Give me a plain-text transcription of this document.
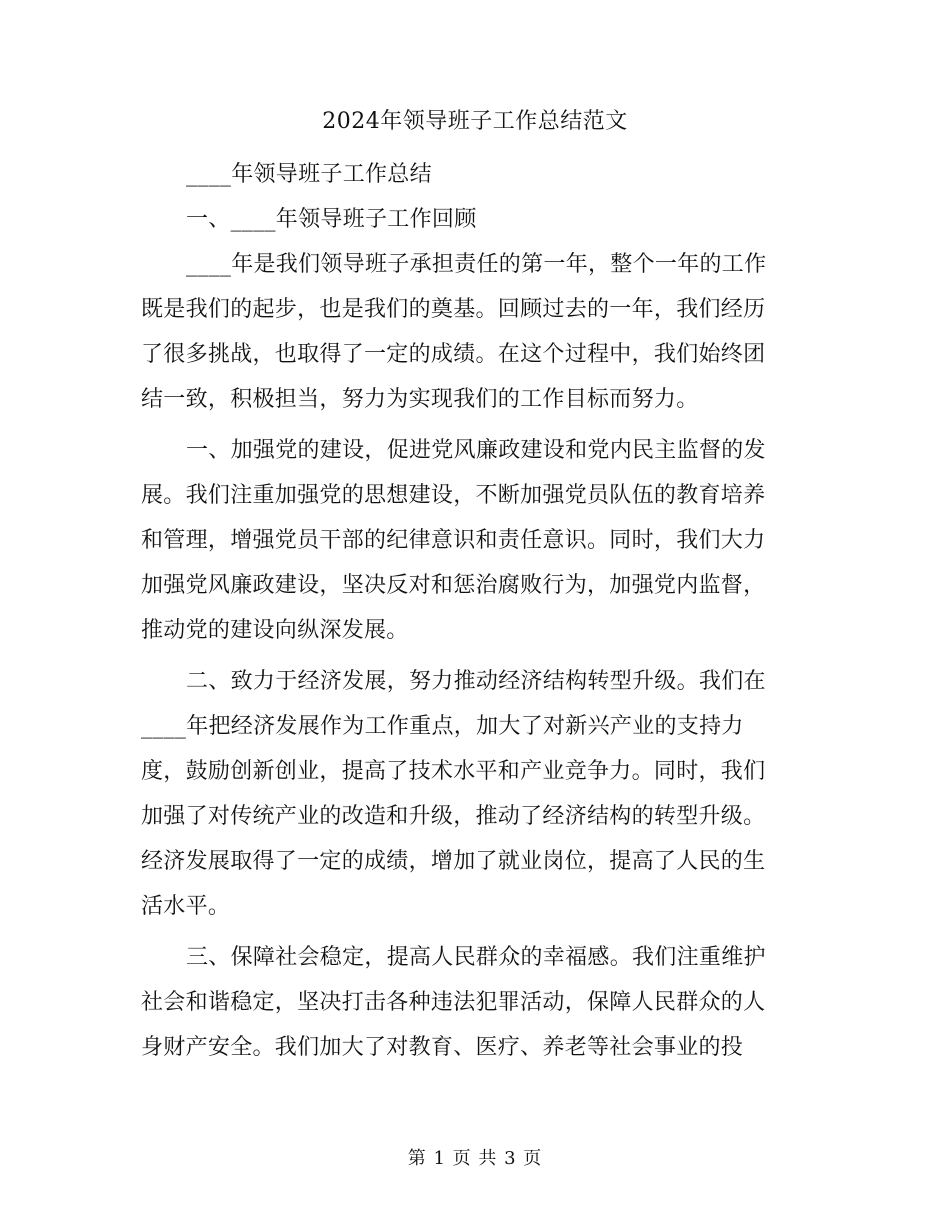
2024年领导班子工作总结范文
____年领导班子工作总结
一、____年领导班子工作回顾
____年是我们领导班子承担责任的第一年，整个一年的工作
既是我们的起步，也是我们的奠基。回顾过去的一年，我们经历
了很多挑战，也取得了一定的成绩。在这个过程中，我们始终团
结一致，积极担当，努力为实现我们的工作目标而努力。
一、加强党的建设，促进党风廉政建设和党内民主监督的发
展。我们注重加强党的思想建设，不断加强党员队伍的教育培养
和管理，增强党员干部的纪律意识和责任意识。同时，我们大力
加强党风廉政建设，坚决反对和惩治腐败行为，加强党内监督，
推动党的建设向纵深发展。
二、致力于经济发展，努力推动经济结构转型升级。我们在
____年把经济发展作为工作重点，加大了对新兴产业的支持力
度，鼓励创新创业，提高了技术水平和产业竞争力。同时，我们
加强了对传统产业的改造和升级，推动了经济结构的转型升级。
经济发展取得了一定的成绩，增加了就业岗位，提高了人民的生
活水平。
三、保障社会稳定，提高人民群众的幸福感。我们注重维护
社会和谐稳定，坚决打击各种违法犯罪活动，保障人民群众的人
身财产安全。我们加大了对教育、医疗、养老等社会事业的投
第 1 页 共 3 页
